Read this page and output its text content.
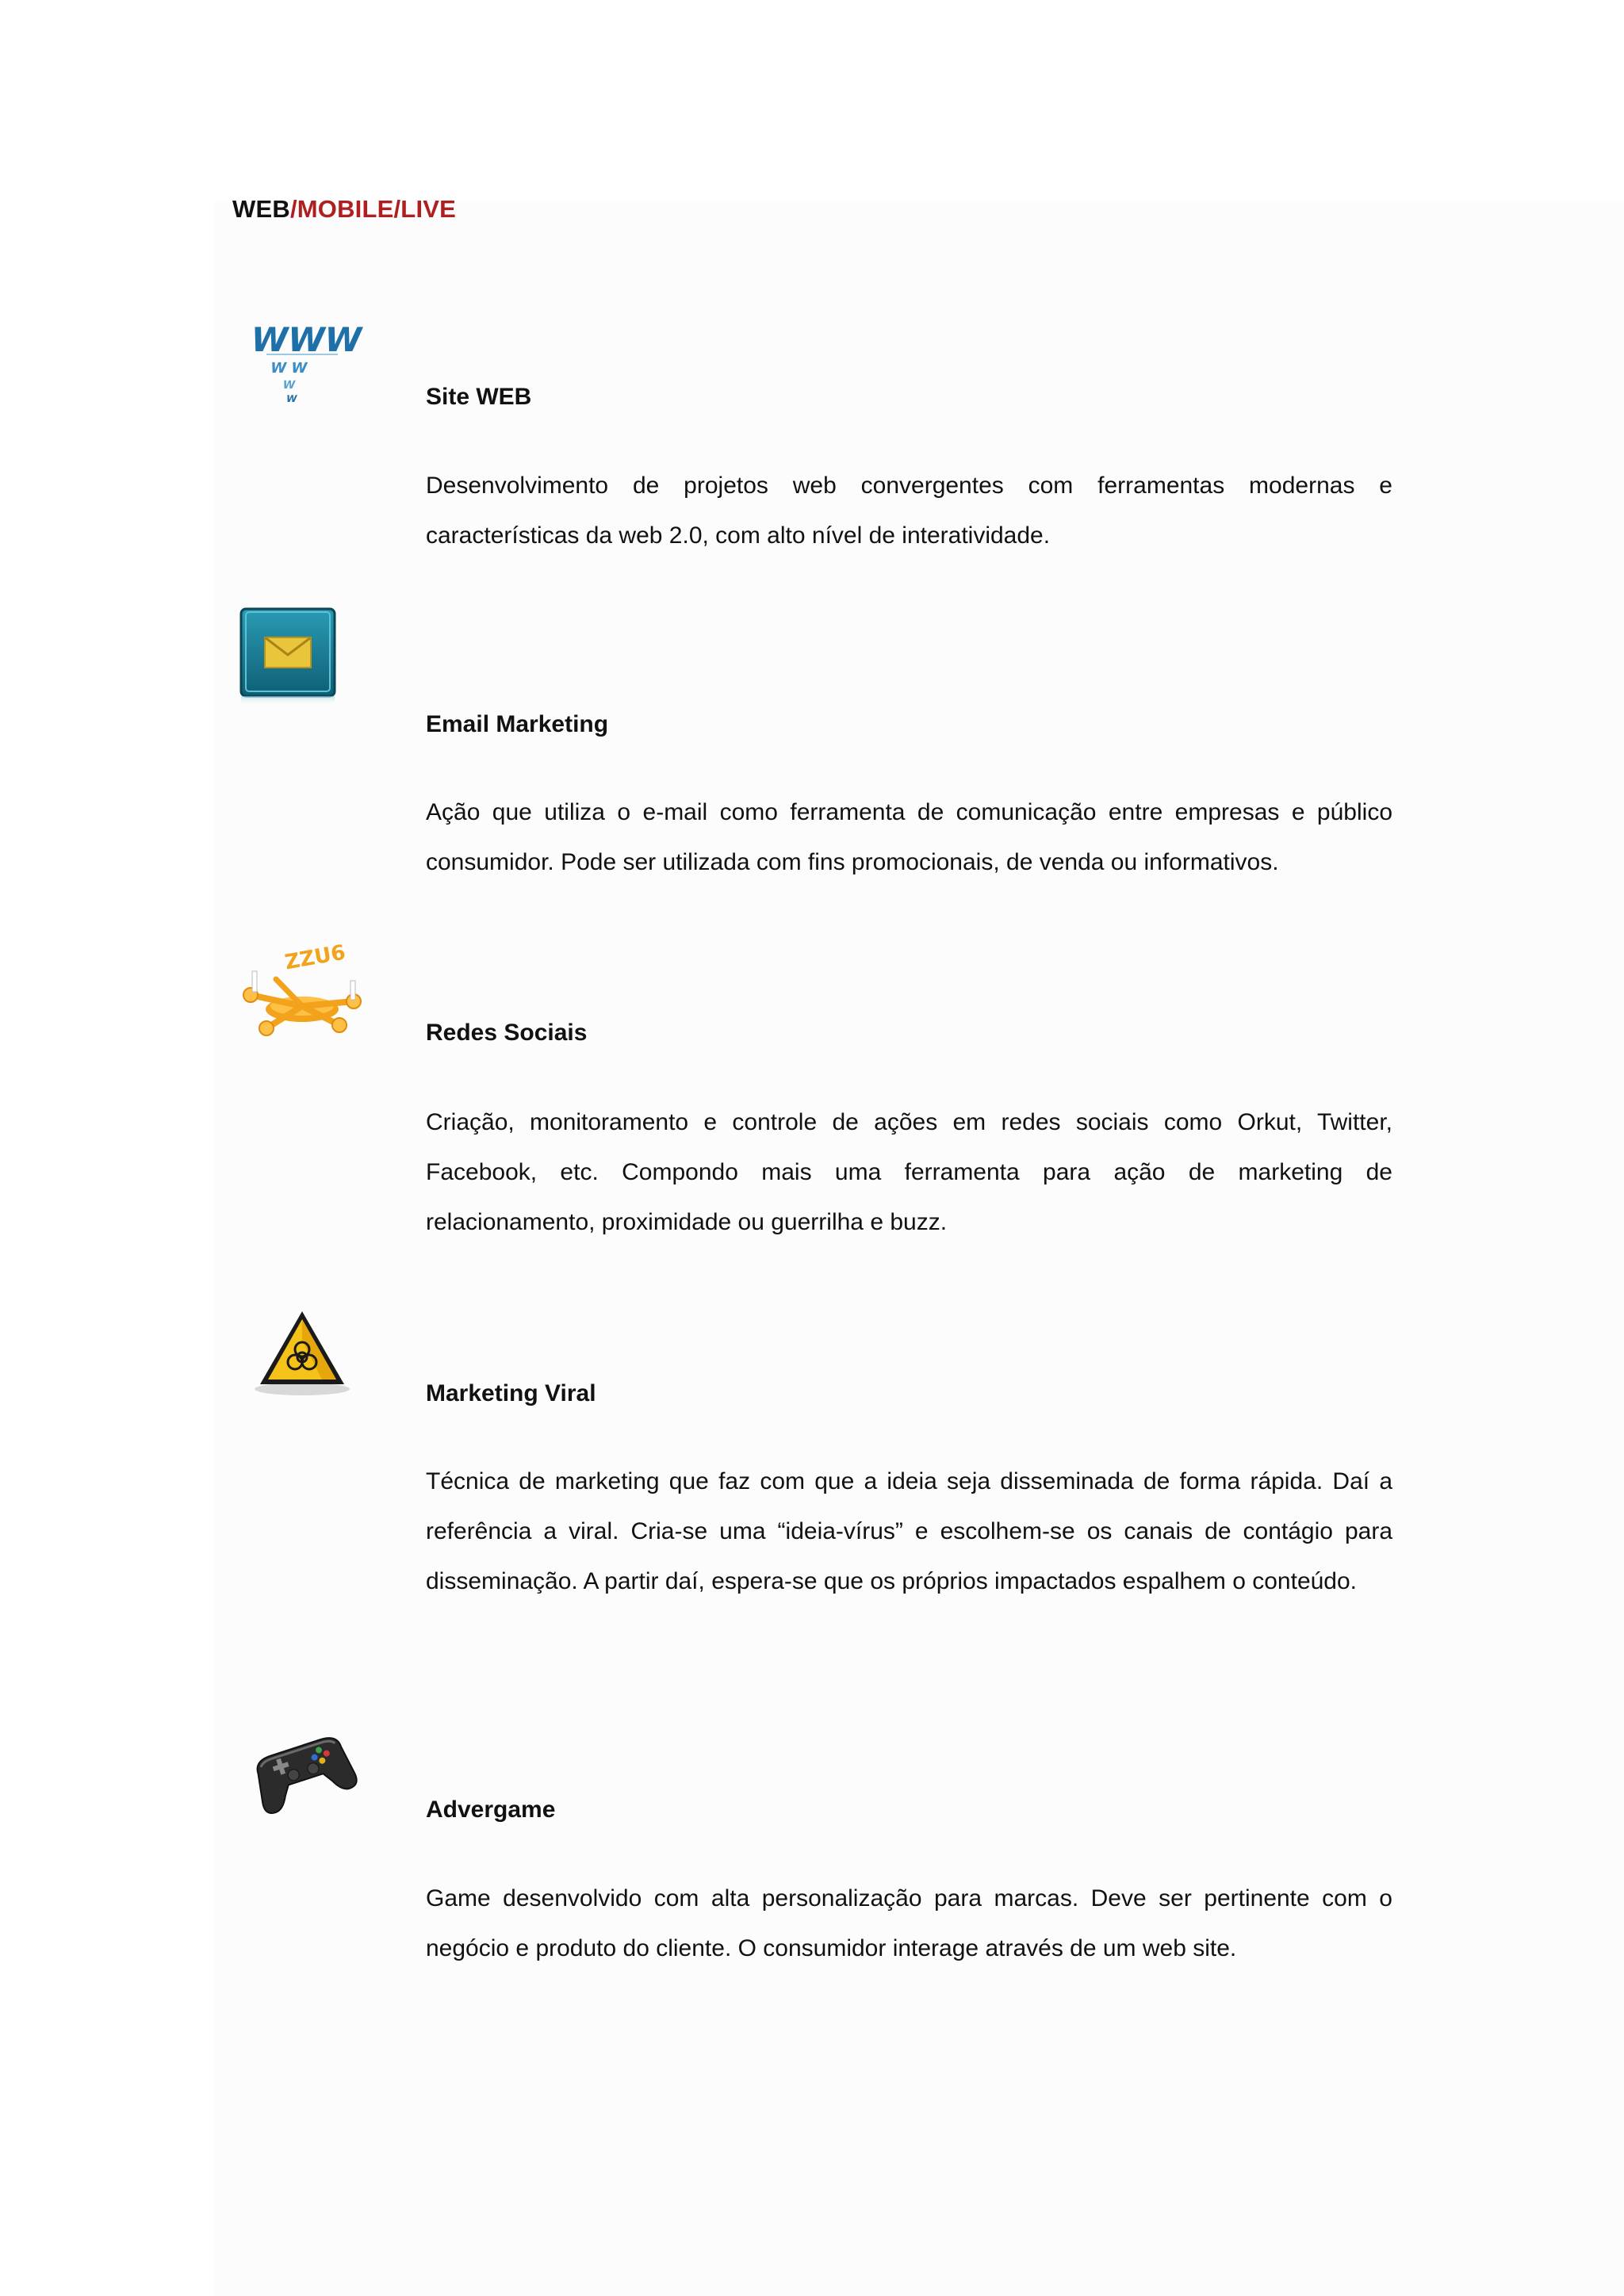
WEB/MOBILE/LIVE
WWW
W W
W
W	Site WEB

Desenvolvimento de projetos web convergentes com ferramentas modernas e características da web 2.0, com alto nível de interatividade.

Email Marketing

Ação que utiliza o e-mail como ferramenta de comunicação entre empresas e público consumidor. Pode ser utilizada com fins promocionais, de venda ou informativos.

ZZU6
Redes Sociais

Criação, monitoramento e controle de ações em redes sociais como Orkut, Twitter, Facebook, etc. Compondo mais uma ferramenta para ação de marketing de relacionamento, proximidade ou guerrilha e buzz.

Marketing Viral

Técnica de marketing que faz com que a ideia seja disseminada de forma rápida. Daí a referência a viral. Cria-se uma “ideia-vírus” e escolhem-se os canais de contágio para disseminação. A partir daí, espera-se que os próprios impactados espalhem o conteúdo.

Advergame

Game desenvolvido com alta personalização para marcas. Deve ser pertinente com o negócio e produto do cliente. O consumidor interage através de um web site.
